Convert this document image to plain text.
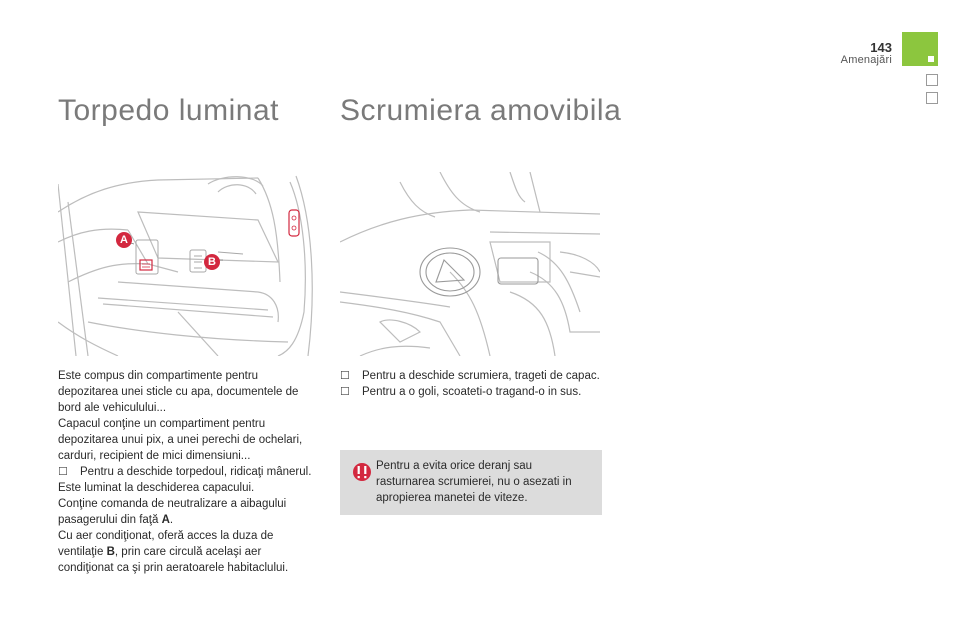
143
Amenajări
Torpedo luminat Scrumiera amovibila
A
B

Este compus din compartimente pentru depozitarea unei sticle cu apa, documentele de bord ale vehiculului...

Capacul conţine un compartiment pentru depozitarea unui pix, a unei perechi de ochelari, carduri, recipient de mici dimensiuni...

☐	Pentru a deschide torpedoul, ridicaţi mânerul.

Este luminat la deschiderea capacului.

Conţine comanda de neutralizare a aibagului pasagerului din faţă A.

Cu aer condiţionat, oferă acces la duza de ventilaţie B, prin care circulă acelaşi aer condiţionat ca şi prin aeratoarele habitaclului.

☐	Pentru a deschide scrumiera, trageti de capac.
☐	Pentru a o goli, scoateti-o tragand-o in sus.
Pentru a evita orice deranj sau rasturnarea scrumierei, nu o asezati in apropierea manetei de viteze.
